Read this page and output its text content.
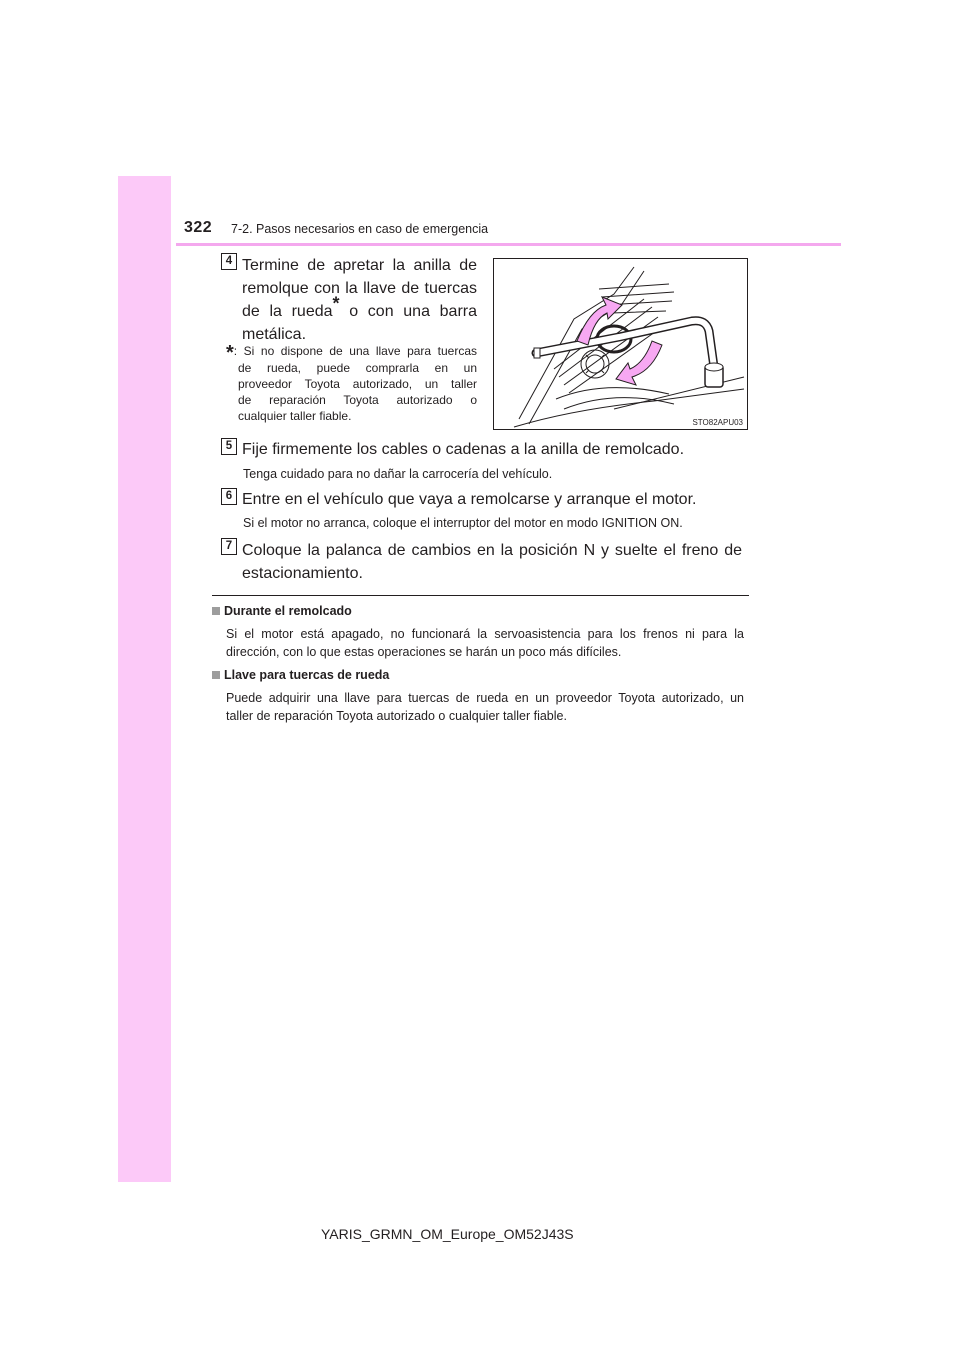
322 7-2. Pasos necesarios en caso de emergencia
4 Termine de apretar la anilla de
remolque con la llave de tuercas
de la rueda* o con una barra
metálica.
*: Si no dispone de una llave para tuercas
de rueda, puede comprarla en un
proveedor Toyota autorizado, un taller
de reparación Toyota autorizado o
cualquier taller fiable.	STO82APU03
5 Fije firmemente los cables o cadenas a la anilla de remolcado.
Tenga cuidado para no dañar la carrocería del vehículo.
6 Entre en el vehículo que vaya a remolcarse y arranque el motor.
Si el motor no arranca, coloque el interruptor del motor en modo IGNITION ON.
7 Coloque la palanca de cambios en la posición N y suelte el freno de
estacionamiento.
Durante el remolcado
Si el motor está apagado, no funcionará la servoasistencia para los frenos ni para la
dirección, con lo que estas operaciones se harán un poco más difíciles.
Llave para tuercas de rueda
Puede adquirir una llave para tuercas de rueda en un proveedor Toyota autorizado, un
taller de reparación Toyota autorizado o cualquier taller fiable.
YARIS_GRMN_OM_Europe_OM52J43S
